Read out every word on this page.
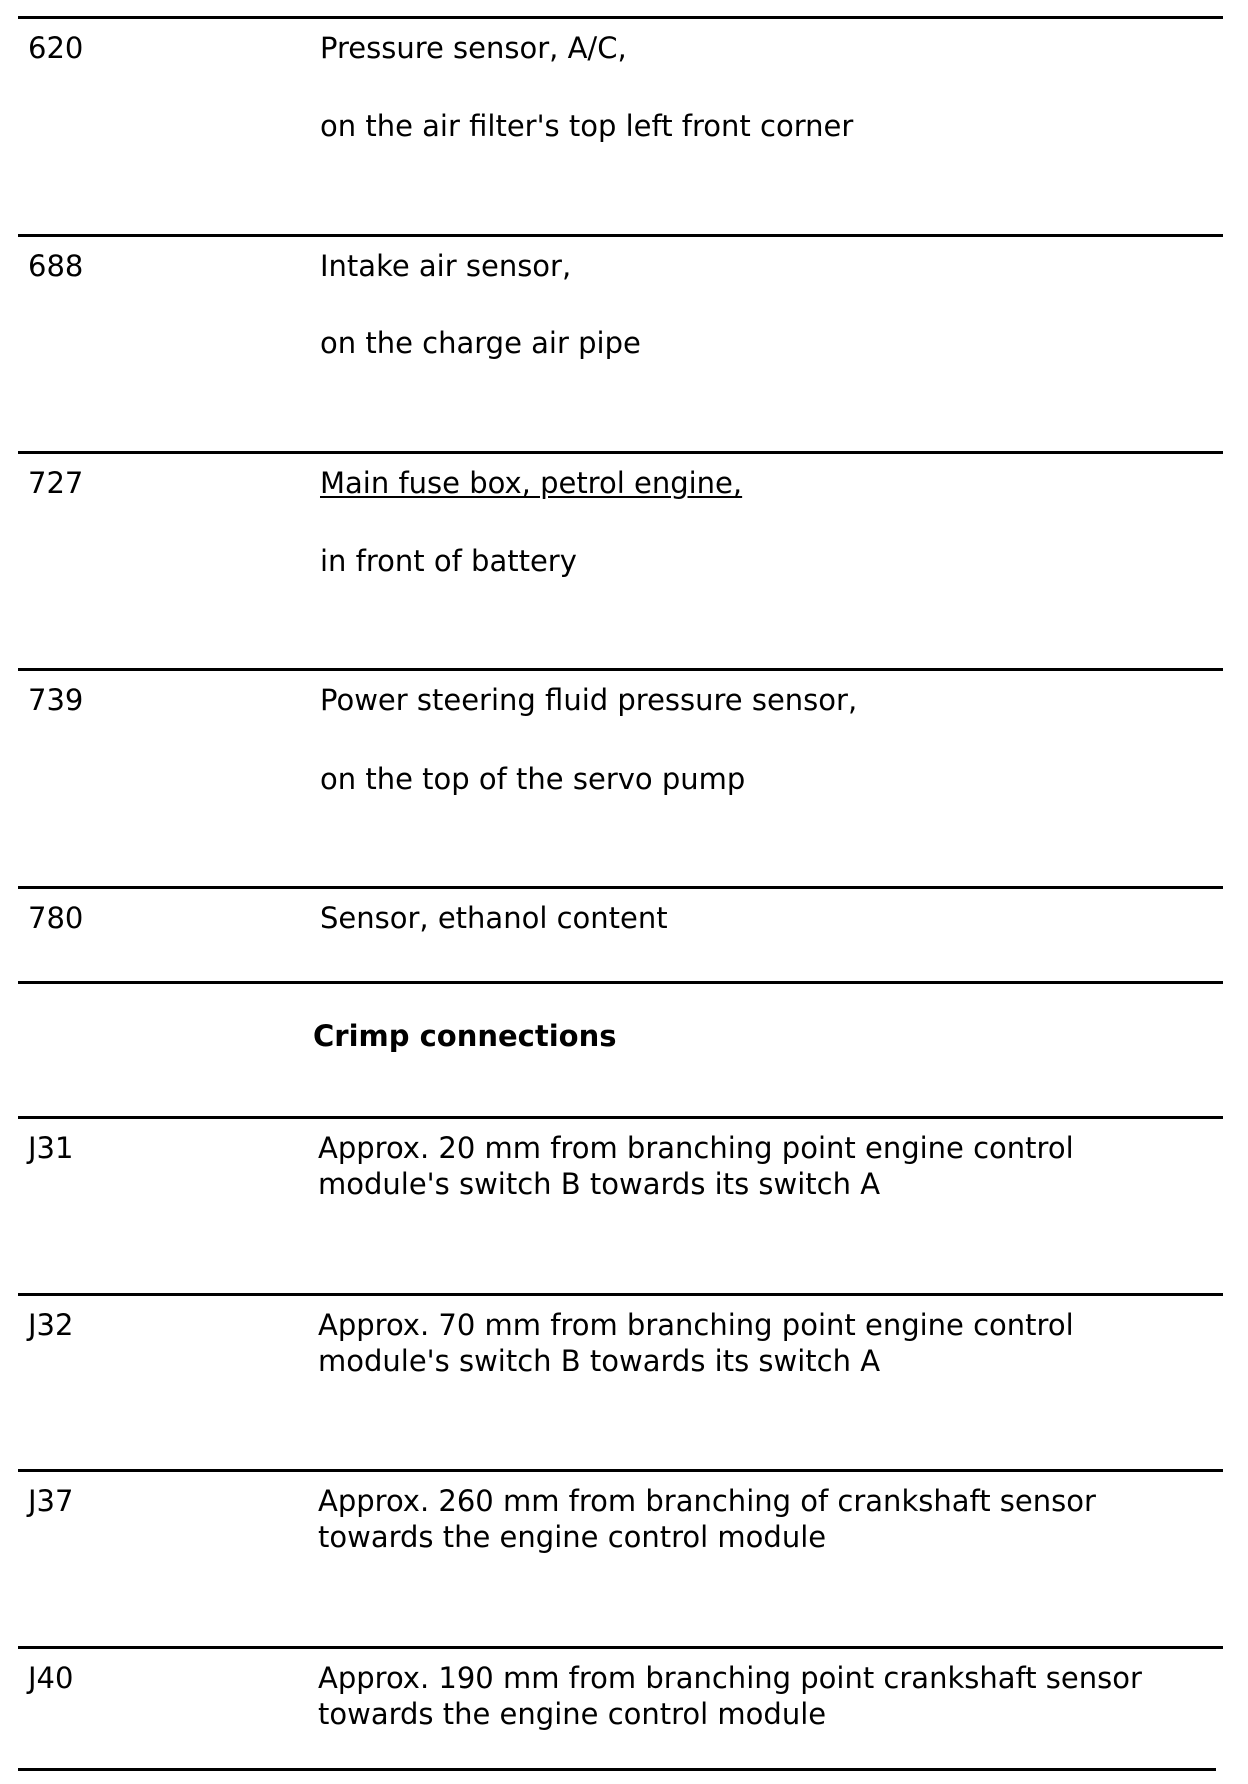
620	Pressure sensor, A/C,
on the air filter's top left front corner
688	Intake air sensor,
on the charge air pipe
727	Main fuse box, petrol engine,
in front of battery
739	Power steering fluid pressure sensor,
on the top of the servo pump
780	Sensor, ethanol content
Crimp connections
J31	Approx. 20 mm from branching point engine control
module's switch B towards its switch A
J32	Approx. 70 mm from branching point engine control
module's switch B towards its switch A
J37	Approx. 260 mm from branching of crankshaft sensor
towards the engine control module
J40	Approx. 190 mm from branching point crankshaft sensor
towards the engine control module
